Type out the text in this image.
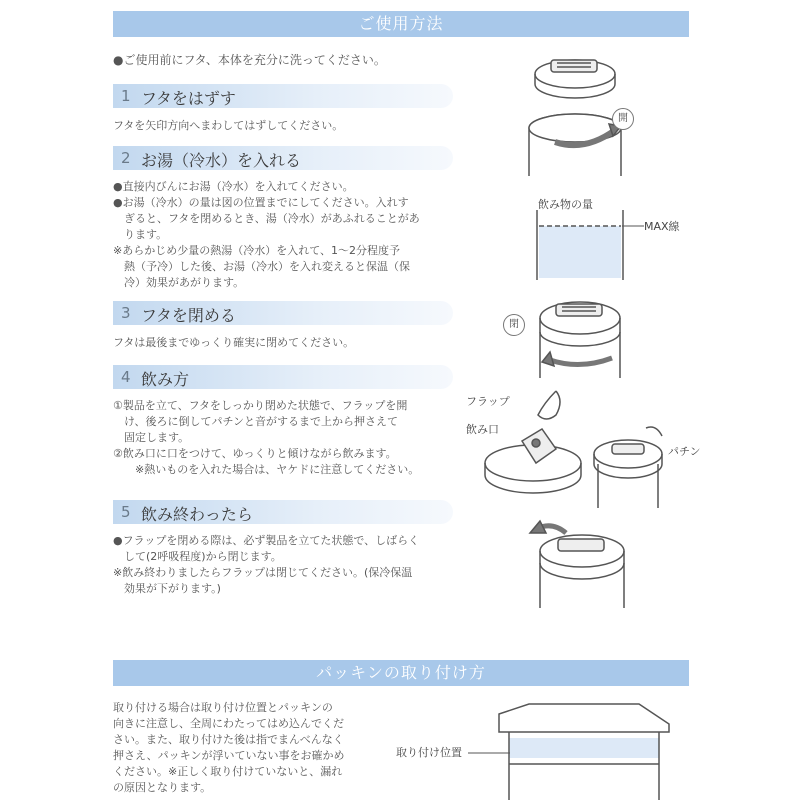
ご使用方法

●ご使用前にフタ、本体を充分に洗ってください。

1 フタをはずす

フタを矢印方向へまわしてはずしてください。

2 お湯（冷水）を入れる

●直接内びんにお湯（冷水）を入れてください。
●お湯（冷水）の量は図の位置までにしてください。入れす
　ぎると、フタを閉めるとき、湯（冷水）があふれることがあ
　ります。
※あらかじめ少量の熱湯（冷水）を入れて、1～2分程度予
　熱（予冷）した後、お湯（冷水）を入れ変えると保温（保
　冷）効果があがります。

3 フタを閉める

フタは最後までゆっくり確実に閉めてください。

4 飲み方

①製品を立て、フタをしっかり閉めた状態で、フラップを開
　け、後ろに倒してパチンと音がするまで上から押さえて
　固定します。
②飲み口に口をつけて、ゆっくりと傾けながら飲みます。
　　※熱いものを入れた場合は、ヤケドに注意してください。

5 飲み終わったら

●フラップを閉める際は、必ず製品を立てた状態で、しばらく
　して(2呼吸程度)から閉じます。
※飲み終わりましたらフラップは閉じてください。(保冷保温
　効果が下がります。)

開
飲み物の量
MAX線
閉
フラップ
飲み口
パチン
パッキンの取り付け方

取り付ける場合は取り付け位置とパッキンの
向きに注意し、全周にわたってはめ込んでくだ
さい。また、取り付けた後は指でまんべんなく
押さえ、パッキンが浮いていない事をお確かめ
ください。※正しく取り付けていないと、漏れ
の原因となります。

取り付け位置
